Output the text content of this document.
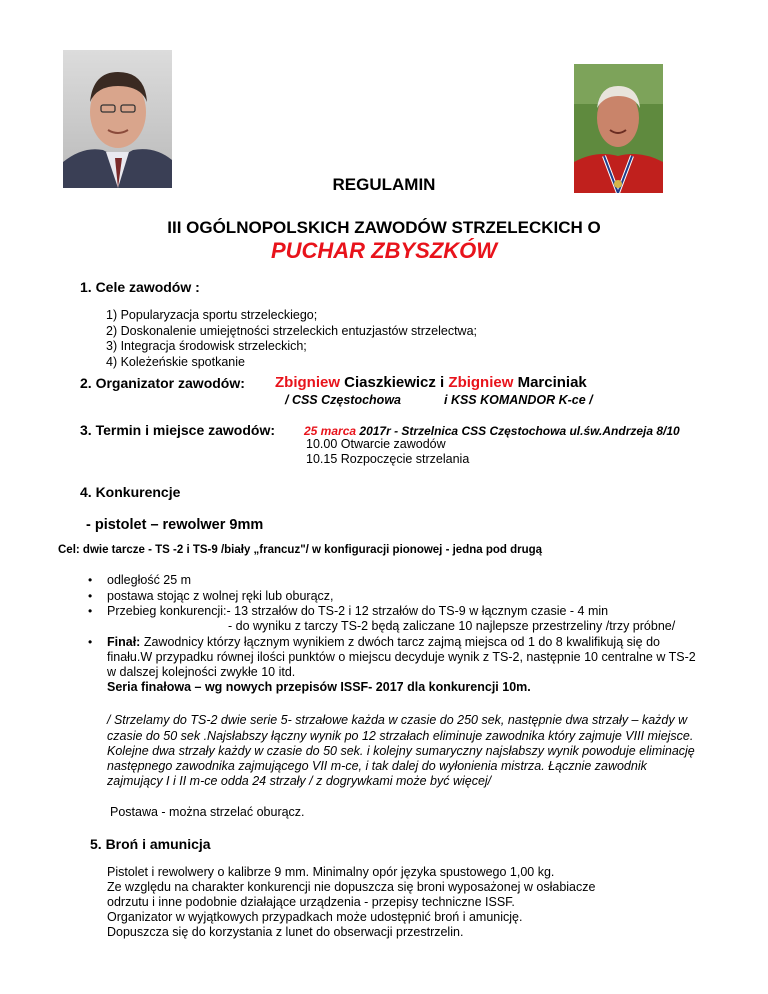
REGULAMIN
III OGÓLNOPOLSKICH ZAWODÓW STRZELECKICH O
PUCHAR ZBYSZKÓW
1. Cele zawodów :
1) Popularyzacja sportu strzeleckiego;
2) Doskonalenie umiejętności strzeleckich entuzjastów strzelectwa;
3) Integracja środowisk strzeleckich;
4) Koleżeńskie spotkanie
2. Organizator zawodów: Zbigniew Ciaszkiewicz i Zbigniew Marciniak
/ CSS Częstochowa	i KSS KOMANDOR K-ce /
3. Termin i miejsce zawodów: 25 marca 2017r - Strzelnica CSS Częstochowa ul.św.Andrzeja 8/10
10.00 Otwarcie zawodów
10.15 Rozpoczęcie strzelania
4. Konkurencje
- pistolet – rewolwer 9mm
Cel: dwie tarcze - TS -2 i TS-9 /biały „francuz"/ w konfiguracji pionowej - jedna pod drugą
• odległość 25 m
• postawa stojąc z wolnej ręki lub oburącz,
• Przebieg konkurencji:- 13 strzałów do TS-2 i 12 strzałów do TS-9 w łącznym czasie - 4 min
- do wyniku z tarczy TS-2 będą zaliczane 10 najlepsze przestrzeliny /trzy próbne/
• Finał: Zawodnicy którzy łącznym wynikiem z dwóch tarcz zajmą miejsca od 1 do 8 kwalifikują się do
finału.W przypadku równej ilości punktów o miejscu decyduje wynik z TS-2, następnie 10 centralne w TS-2
w dalszej kolejności zwykłe 10 itd.
Seria finałowa – wg nowych przepisów ISSF- 2017 dla konkurencji 10m.
/ Strzelamy do TS-2 dwie serie 5- strzałowe każda w czasie do 250 sek, następnie dwa strzały – każdy w
czasie do 50 sek .Najsłabszy łączny wynik po 12 strzałach eliminuje zawodnika który zajmuje VIII miejsce.
Kolejne dwa strzały każdy w czasie do 50 sek. i kolejny sumaryczny najsłabszy wynik powoduje eliminację
następnego zawodnika zajmującego VII m-ce, i tak dalej do wyłonienia mistrza. Łącznie zawodnik
zajmujący I i II m-ce odda 24 strzały / z dogrywkami może być więcej/
Postawa - można strzelać oburącz.
5. Broń i amunicja
Pistolet i rewolwery o kalibrze 9 mm. Minimalny opór języka spustowego 1,00 kg.
Ze względu na charakter konkurencji nie dopuszcza się broni wyposażonej w osłabiacze
odrzutu i inne podobnie działające urządzenia - przepisy techniczne ISSF.
Organizator w wyjątkowych przypadkach może udostępnić broń i amunicję.
Dopuszcza się do korzystania z lunet do obserwacji przestrzelin.
